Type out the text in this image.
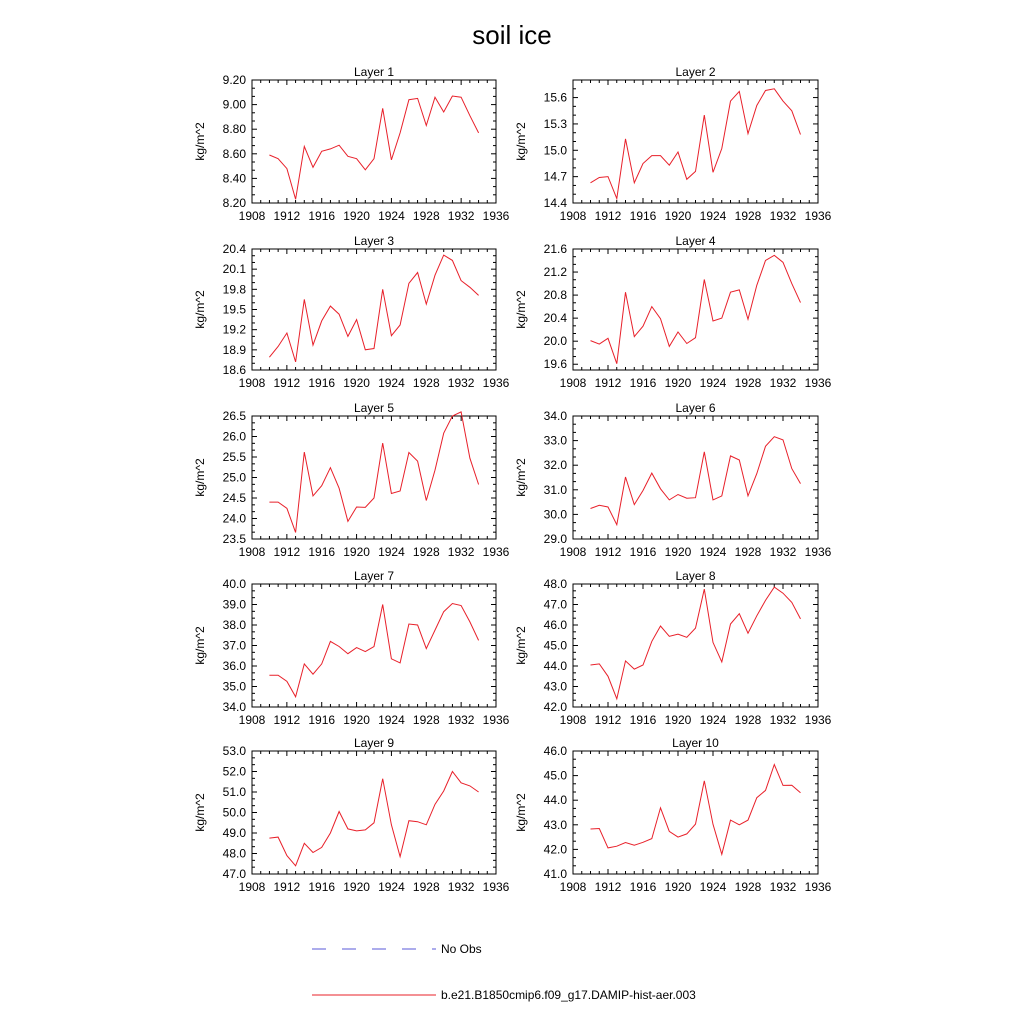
soil ice
Layer 1
kg/m^2
1908 1912 1916 1920 1924 1928 1932 1936
8.20
8.40
8.60
8.80
9.00
9.20
Layer 2
kg/m^2
1908 1912 1916 1920 1924 1928 1932 1936
14.4
14.7
15.0
15.3
15.6
Layer 3
kg/m^2
1908 1912 1916 1920 1924 1928 1932 1936
18.6
18.9
19.2
19.5
19.8
20.1
20.4
Layer 4
kg/m^2
1908 1912 1916 1920 1924 1928 1932 1936
19.6
20.0
20.4
20.8
21.2
21.6
Layer 5
kg/m^2
1908 1912 1916 1920 1924 1928 1932 1936
23.5
24.0
24.5
25.0
25.5
26.0
26.5
Layer 6
kg/m^2
1908 1912 1916 1920 1924 1928 1932 1936
29.0
30.0
31.0
32.0
33.0
34.0
Layer 7
kg/m^2
1908 1912 1916 1920 1924 1928 1932 1936
34.0
35.0
36.0
37.0
38.0
39.0
40.0
Layer 8
kg/m^2
1908 1912 1916 1920 1924 1928 1932 1936
42.0
43.0
44.0
45.0
46.0
47.0
48.0
Layer 9
kg/m^2
1908 1912 1916 1920 1924 1928 1932 1936
47.0
48.0
49.0
50.0
51.0
52.0
53.0
Layer 10
kg/m^2
1908 1912 1916 1920 1924 1928 1932 1936
41.0
42.0
43.0
44.0
45.0
46.0
No Obs
b.e21.B1850cmip6.f09_g17.DAMIP-hist-aer.003
